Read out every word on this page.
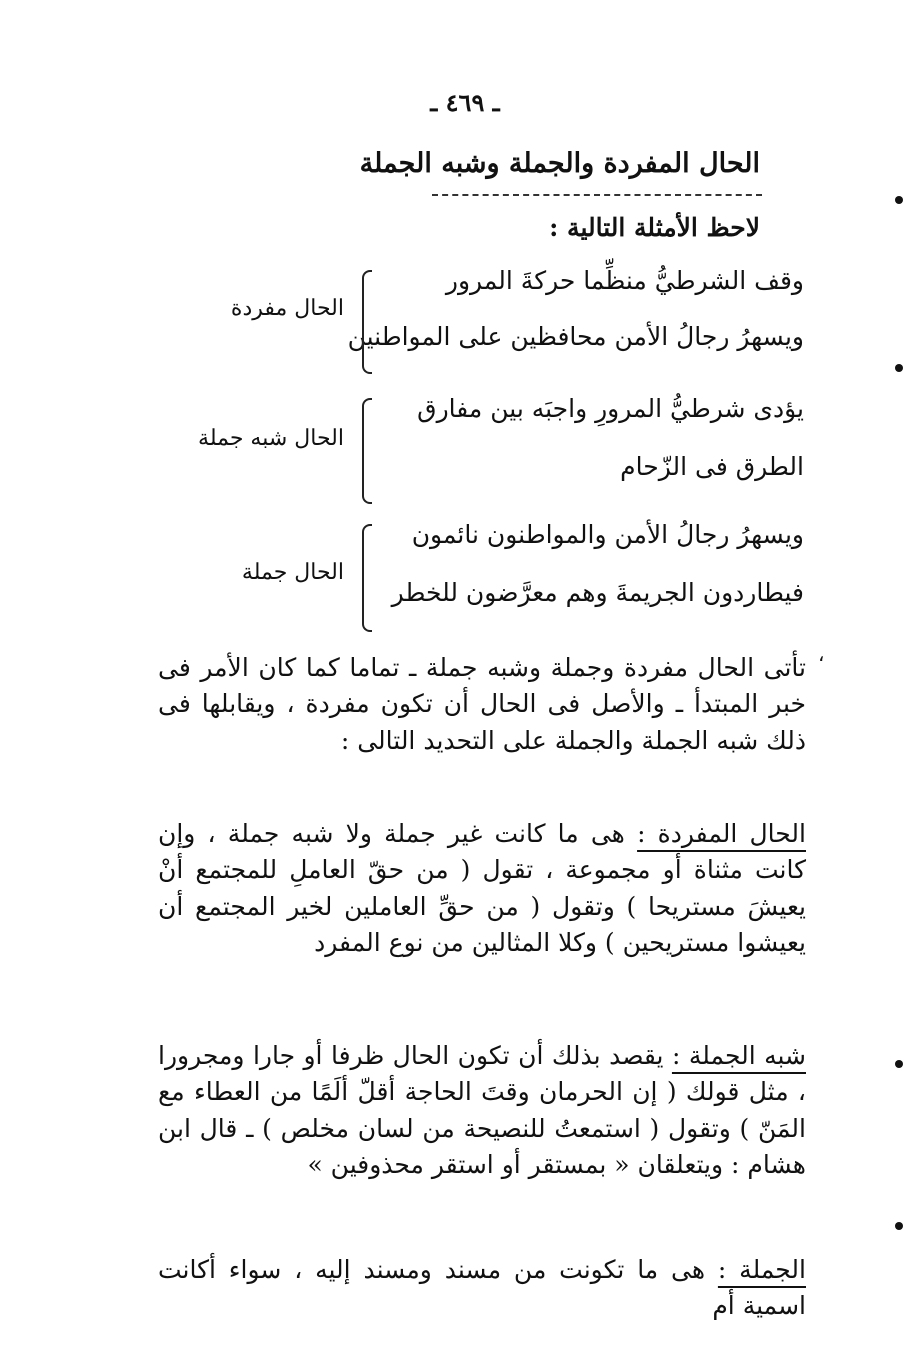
ـ ٤٦٩ ـ
الحال المفردة والجملة وشبه الجملة
لاحظ الأمثلة التالية :
وقف الشرطيُّ منظِّما حركةَ المرور
ويسهرُ رجالُ الأمن محافظين على المواطنين
الحال مفردة
يؤدى شرطيُّ المرورِ واجبَه بين مفارق
الطرق فى الزّحام
الحال شبه جملة
ويسهرُ رجالُ الأمن والمواطنون نائمون
فيطاردون الجريمةَ وهم معرَّضون للخطر
الحال جملة

تأتى الحال مفردة وجملة وشبه جملة ـ تماما كما كان الأمر فى خبر المبتدأ ـ والأصل فى الحال أن تكون مفردة ، ويقابلها فى ذلك شبه الجملة والجملة على التحديد التالى :

الحال المفردة : هى ما كانت غير جملة ولا شبه جملة ، وإن كانت مثناة أو مجموعة ، تقول ( من حقّ العاملِ للمجتمع أنْ يعيشَ مستريحا ) وتقول ( من حقِّ العاملين لخير المجتمع أن يعيشوا مستريحين ) وكلا المثالين من نوع المفرد

شبه الجملة : يقصد بذلك أن تكون الحال ظرفا أو جارا ومجرورا ، مثل قولك ( إن الحرمان وقتَ الحاجة أقلّ ألَمًا من العطاء مع المَنّ ) وتقول ( استمعتُ للنصيحة من لسان مخلص ) ـ قال ابن هشام : ويتعلقان « بمستقر أو استقر محذوفين »

الجملة : هى ما تكونت من مسند ومسند إليه ، سواء أكانت اسمية أم

،
